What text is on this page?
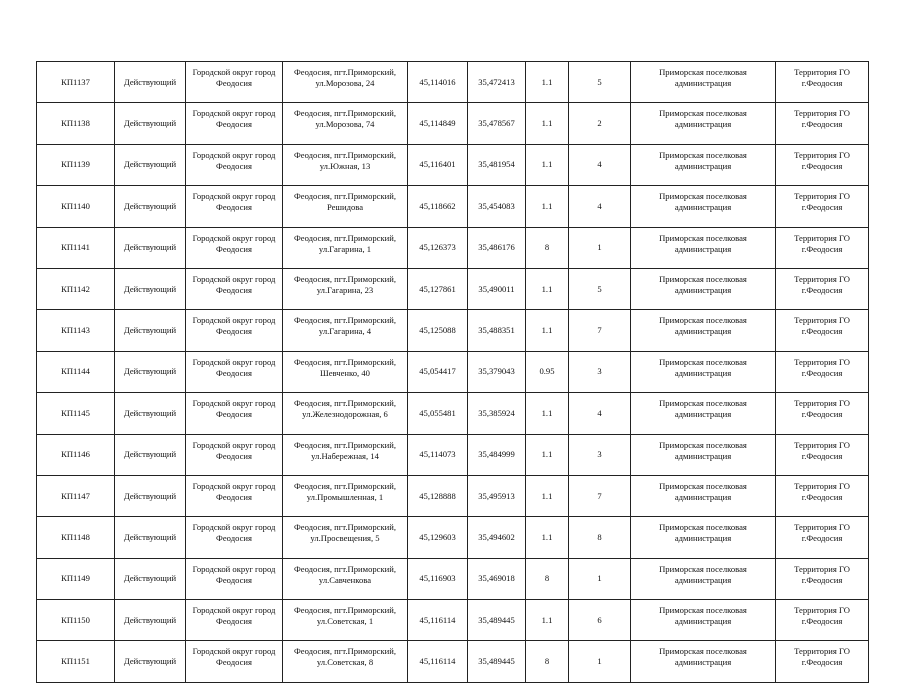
КП1137	Действующий	Городской округ город Феодосия	Феодосия, пгт.Приморский, ул.Морозова, 24	45,114016	35,472413	1.1	5	Приморская поселковая администрация	Территория ГО г.Феодосия
КП1138	Действующий	Городской округ город Феодосия	Феодосия, пгт.Приморский, ул.Морозова, 74	45,114849	35,478567	1.1	2	Приморская поселковая администрация	Территория ГО г.Феодосия
КП1139	Действующий	Городской округ город Феодосия	Феодосия, пгт.Приморский, ул.Южная, 13	45,116401	35,481954	1.1	4	Приморская поселковая администрация	Территория ГО г.Феодосия
КП1140	Действующий	Городской округ город Феодосия	Феодосия, пгт.Приморский, Решидова	45,118662	35,454083	1.1	4	Приморская поселковая администрация	Территория ГО г.Феодосия
КП1141	Действующий	Городской округ город Феодосия	Феодосия, пгт.Приморский, ул.Гагарина, 1	45,126373	35,486176	8	1	Приморская поселковая администрация	Территория ГО г.Феодосия
КП1142	Действующий	Городской округ город Феодосия	Феодосия, пгт.Приморский, ул.Гагарина, 23	45,127861	35,490011	1.1	5	Приморская поселковая администрация	Территория ГО г.Феодосия
КП1143	Действующий	Городской округ город Феодосия	Феодосия, пгт.Приморский, ул.Гагарина, 4	45,125088	35,488351	1.1	7	Приморская поселковая администрация	Территория ГО г.Феодосия
КП1144	Действующий	Городской округ город Феодосия	Феодосия, пгт.Приморский, Шевченко, 40	45,054417	35,379043	0.95	3	Приморская поселковая администрация	Территория ГО г.Феодосия
КП1145	Действующий	Городской округ город Феодосия	Феодосия, пгт.Приморский, ул.Железнодорожная, 6	45,055481	35,385924	1.1	4	Приморская поселковая администрация	Территория ГО г.Феодосия
КП1146	Действующий	Городской округ город Феодосия	Феодосия, пгт.Приморский, ул.Набережная, 14	45,114073	35,484999	1.1	3	Приморская поселковая администрация	Территория ГО г.Феодосия
КП1147	Действующий	Городской округ город Феодосия	Феодосия, пгт.Приморский, ул.Промышленная, 1	45,128888	35,495913	1.1	7	Приморская поселковая администрация	Территория ГО г.Феодосия
КП1148	Действующий	Городской округ город Феодосия	Феодосия, пгт.Приморский, ул.Просвещения, 5	45,129603	35,494602	1.1	8	Приморская поселковая администрация	Территория ГО г.Феодосия
КП1149	Действующий	Городской округ город Феодосия	Феодосия, пгт.Приморский, ул.Савченкова	45,116903	35,469018	8	1	Приморская поселковая администрация	Территория ГО г.Феодосия
КП1150	Действующий	Городской округ город Феодосия	Феодосия, пгт.Приморский, ул.Советская, 1	45,116114	35,489445	1.1	6	Приморская поселковая администрация	Территория ГО г.Феодосия
КП1151	Действующий	Городской округ город Феодосия	Феодосия, пгт.Приморский, ул.Советская, 8	45,116114	35,489445	8	1	Приморская поселковая администрация	Территория ГО г.Феодосия
